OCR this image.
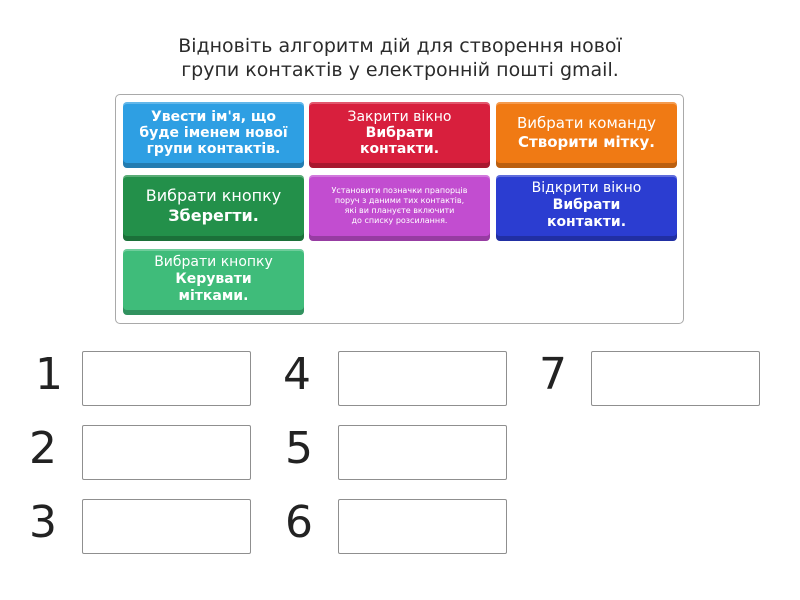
Відновіть алгоритм дій для створення нової
групи контактів у електронній пошті gmail.
Увести ім'я, що
буде іменем нової
групи контактів.
Закрити вікно
Вибрати
контакти.
Вибрати команду
Створити мітку.
Вибрати кнопку
Зберегти.
Установити позначки прапорців
поруч з даними тих контактів,
які ви плануєте включити
до списку розсилання.
Відкрити вікно
Вибрати
контакти.
Вибрати кнопку
Керувати
мітками.
1
2
3
4
5
6
7
